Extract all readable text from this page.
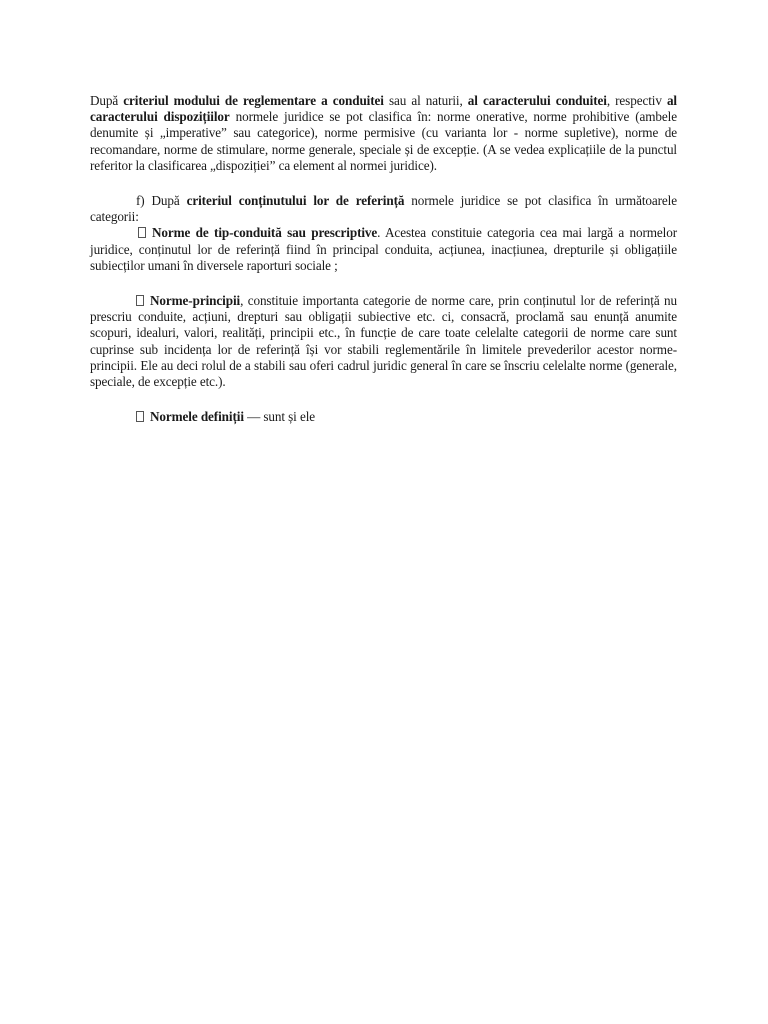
După criteriul modului de reglementare a conduitei sau al naturii, al caracterului conduitei, respectiv al caracterului dispozițiilor normele juridice se pot clasifica în: norme onerative, norme prohibitive (ambele denumite și „imperative” sau categorice), norme permisive (cu varianta lor - norme supletive), norme de recomandare, norme de stimulare, norme generale, speciale și de excepție. (A se vedea explicațiile de la punctul referitor la clasificarea „dispoziției” ca element al normei juridice).

f) După criteriul conținutului lor de referință normele juridice se pot clasifica în următoarele categorii:

Norme de tip-conduită sau prescriptive. Acestea constituie categoria cea mai largă a normelor juridice, conținutul lor de referință fiind în principal conduita, acțiunea, inacțiunea, drepturile și obligațiile subiecților umani în diversele raporturi sociale ;

Norme-principii, constituie importanta categorie de norme care, prin conținutul lor de referință nu prescriu conduite, acțiuni, drepturi sau obligații subiective etc. ci, consacră, proclamă sau enunță anumite scopuri, idealuri, valori, realități, principii etc., în funcție de care toate celelalte categorii de norme care sunt cuprinse sub incidența lor de referință își vor stabili reglementările în limitele prevederilor acestor norme-principii. Ele au deci rolul de a stabili sau oferi cadrul juridic general în care se înscriu celelalte norme (generale, speciale, de excepție etc.).

Normele definiții — sunt și ele
